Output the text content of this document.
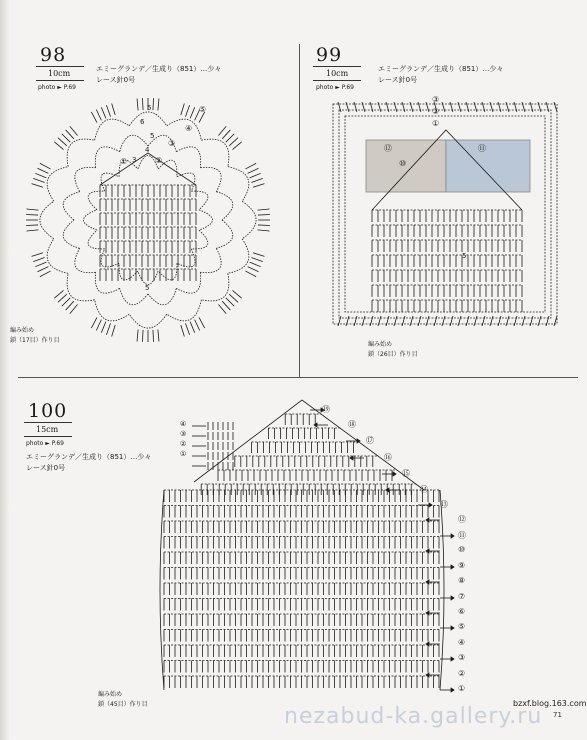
98
10cm
photo ► P.69
エミーグランデ／生成り（851）…少々
レース針0号
編み始め
鎖（17目）作り目
99
10cm
photo ► P.69
エミーグランデ／生成り（851）…少々
レース針0号
編み始め
鎖（26目）作り目
100
15cm
photo ► P.69
エミーグランデ／生成り（851）…少々
レース針0号
編み始め
鎖（45目）作り目
⑤
④
③
②
①
5
6
5
3
4
5
③
②
①
⑫	⑪
⑩
5
⑲
⑱
⑰
⑯
⑮
⑭
⑬
⑫
⑪
⑩
⑨
⑧
⑦
⑥
⑤
④
③
②
①
④
③
②
①
nezabud-ka.gallery.ru
bzxf.blog.163.com
71
